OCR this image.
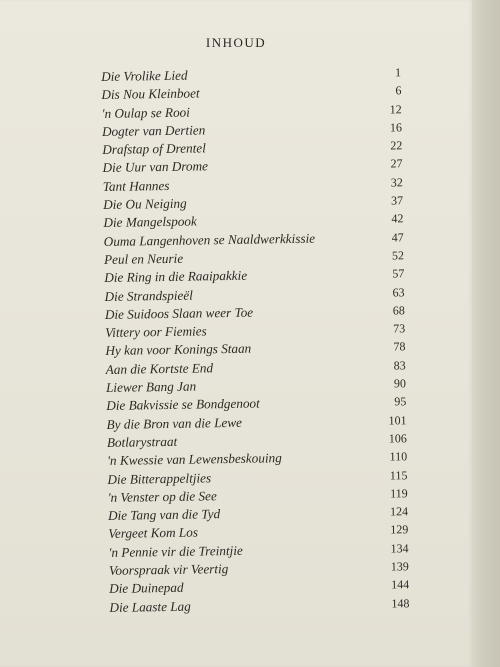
INHOUD
Die Vrolike Lied	1
Dis Nou Kleinboet	6
'n Oulap se Rooi	12
Dogter van Dertien	16
Drafstap of Drentel	22
Die Uur van Drome	27
Tant Hannes	32
Die Ou Neiging	37
Die Mangelspook	42
Ouma Langenhoven se Naaldwerkkissie	47
Peul en Neurie	52
Die Ring in die Raaipakkie	57
Die Strandspieël	63
Die Suidoos Slaan weer Toe	68
Vittery oor Fiemies	73
Hy kan voor Konings Staan	78
Aan die Kortste End	83
Liewer Bang Jan	90
Die Bakvissie se Bondgenoot	95
By die Bron van die Lewe	101
Botlarystraat	106
'n Kwessie van Lewensbeskouing	110
Die Bitterappeltjies	115
'n Venster op die See	119
Die Tang van die Tyd	124
Vergeet Kom Los	129
'n Pennie vir die Treintjie	134
Voorspraak vir Veertig	139
Die Duinepad	144
Die Laaste Lag	148
